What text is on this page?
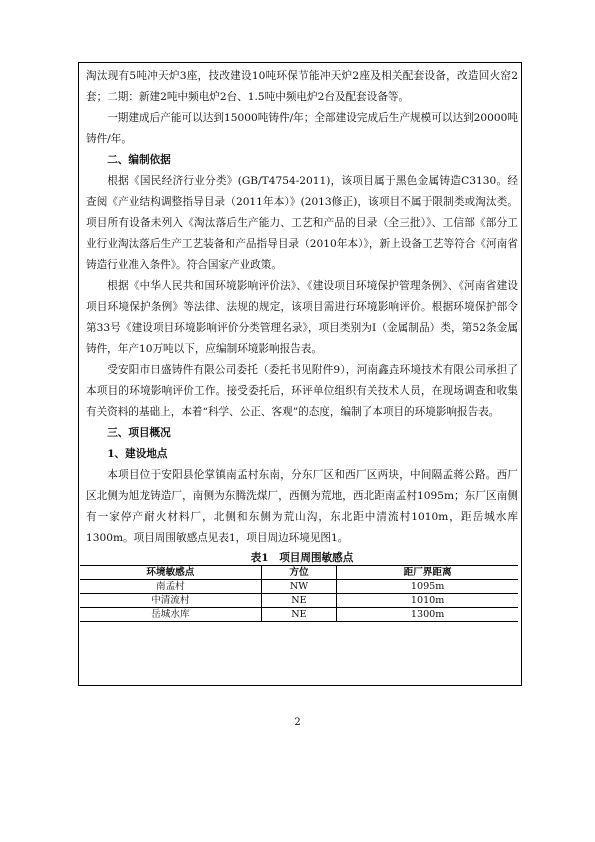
淘汰现有5吨冲天炉3座，技改建设10吨环保节能冲天炉2座及相关配套设备，改造回火窑2套；二期：新建2吨中频电炉2台、1.5吨中频电炉2台及配套设备等。

一期建成后产能可以达到15000吨铸件/年；全部建设完成后生产规模可以达到20000吨铸件/年。

二、编制依据

根据《国民经济行业分类》(GB/T4754-2011)，该项目属于黑色金属铸造C3130。经查阅《产业结构调整指导目录（2011年本）》(2013修正)，该项目不属于限制类或淘汰类。项目所有设备未列入《淘汰落后生产能力、工艺和产品的目录（全三批）》、工信部《部分工业行业淘汰落后生产工艺装备和产品指导目录（2010年本）》，新上设备工艺等符合《河南省铸造行业准入条件》。符合国家产业政策。

根据《中华人民共和国环境影响评价法》、《建设项目环境保护管理条例》、《河南省建设项目环境保护条例》等法律、法规的规定，该项目需进行环境影响评价。根据环境保护部令第33号《建设项目环境影响评价分类管理名录》，项目类别为Ⅰ（金属制品）类，第52条金属铸件，年产10万吨以下，应编制环境影响报告表。

受安阳市日盛铸件有限公司委托（委托书见附件9），河南鑫垚环境技术有限公司承担了本项目的环境影响评价工作。接受委托后，环评单位组织有关技术人员，在现场调查和收集有关资料的基础上，本着“科学、公正、客观”的态度，编制了本项目的环境影响报告表。

三、项目概况

1、建设地点

本项目位于安阳县伦掌镇南孟村东南，分东厂区和西厂区两块，中间隔孟蒋公路。西厂区北侧为旭龙铸造厂，南侧为东腾洗煤厂，西侧为荒地，西北距南孟村1095m；东厂区南侧有一家停产耐火材料厂，北侧和东侧为荒山沟，东北距中清流村1010m，距岳城水库1300m。项目周围敏感点见表1，项目周边环境见图1。

表1　项目周围敏感点
环境敏感点	方位	距厂界距离
南孟村	NW	1095m
中清流村	NE	1010m
岳城水库	NE	1300m
2
